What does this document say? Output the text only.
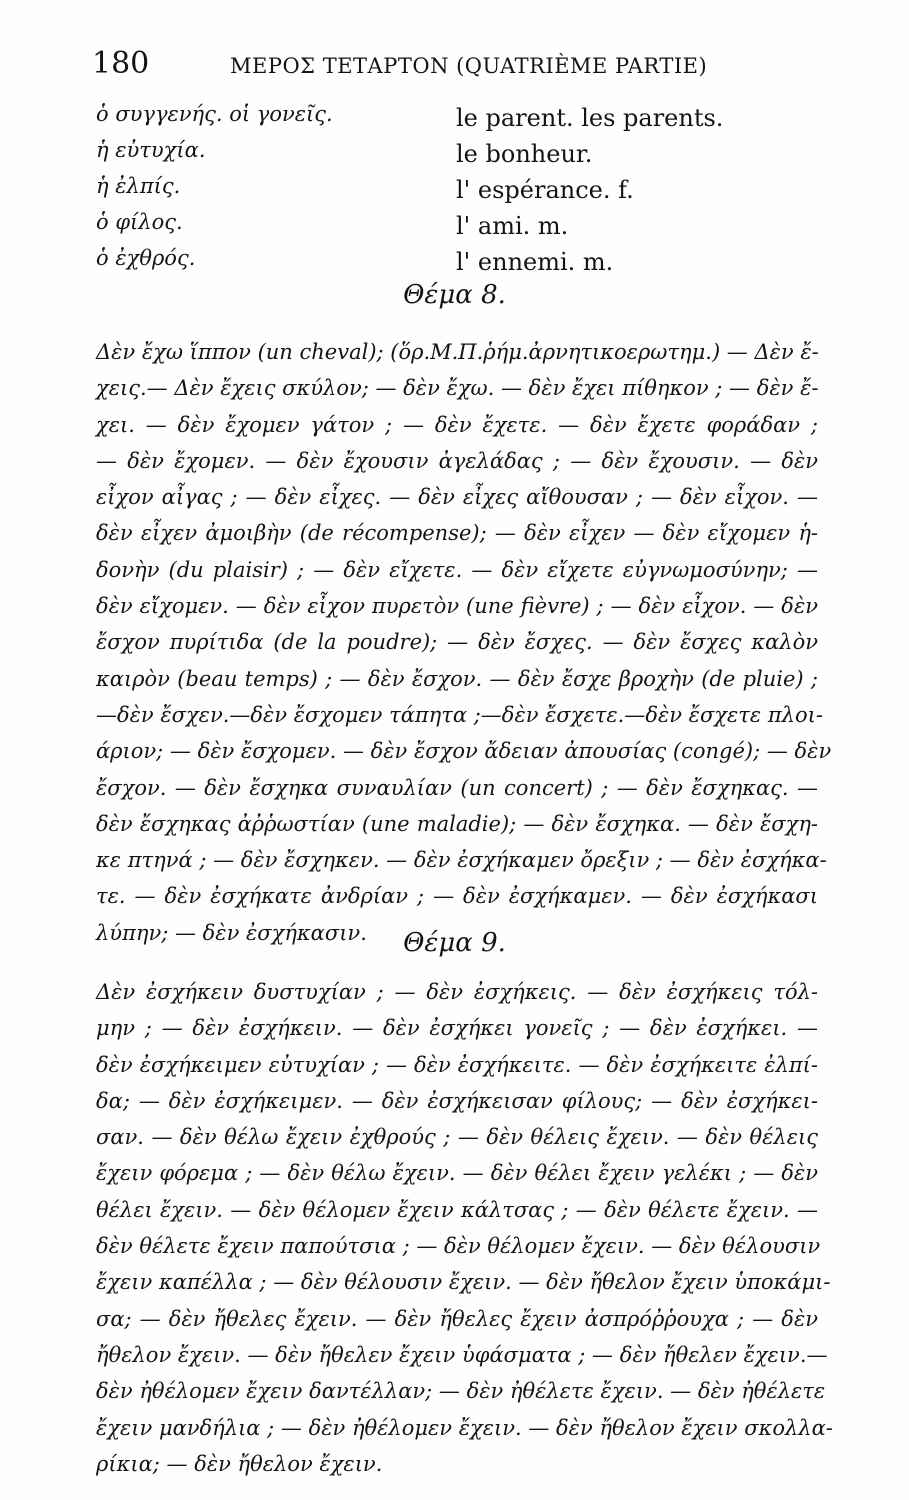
180	ΜΕΡΟΣ ΤΕΤΑΡΤΟΝ (QUATRIÈME PARTIE)
ὁ συγγενής. οἱ γονεῖς.	le parent. les parents.
ἡ εὐτυχία.	le bonheur.
ἡ ἐλπίς.	l' espérance. f.
ὁ φίλος.	l' ami. m.
ὁ ἐχθρός.	l' ennemi. m.
Θέμα 8.
Δὲν ἔχω ἵππον (un cheval); (ὅρ.Μ.Π.ῥήμ.ἀρνητικοερωτημ.) — Δὲν ἔ-
χεις.— Δὲν ἔχεις σκύλον; — δὲν ἔχω. — δὲν ἔχει πίθηκον ; — δὲν ἔ-
χει. — δὲν ἔχομεν γάτον ; — δὲν ἔχετε. — δὲν ἔχετε φοράδαν ;
— δὲν ἔχομεν. — δὲν ἔχουσιν ἀγελάδας ; — δὲν ἔχουσιν. — δὲν
εἶχον αἶγας ; — δὲν εἶχες. — δὲν εἶχες αἴθουσαν ; — δὲν εἶχον. —
δὲν εἶχεν ἀμοιβὴν (de récompense); — δὲν εἶχεν — δὲν εἴχομεν ἡ-
δονὴν (du plaisir) ; — δὲν εἴχετε. — δὲν εἴχετε εὐγνωμοσύνην; —
δὲν εἴχομεν. — δὲν εἶχον πυρετὸν (une fièvre) ; — δὲν εἶχον. — δὲν
ἔσχον πυρίτιδα (de la poudre); — δὲν ἔσχες. — δὲν ἔσχες καλὸν
καιρὸν (beau temps) ; — δὲν ἔσχον. — δὲν ἔσχε βροχὴν (de pluie) ;
—δὲν ἔσχεν.—δὲν ἔσχομεν τάπητα ;—δὲν ἔσχετε.—δὲν ἔσχετε πλοι-
άριον; — δὲν ἔσχομεν. — δὲν ἔσχον ἄδειαν ἀπουσίας (congé); — δὲν
ἔσχον. — δὲν ἔσχηκα συναυλίαν (un concert) ; — δὲν ἔσχηκας. —
δὲν ἔσχηκας ἀῤῥωστίαν (une maladie); — δὲν ἔσχηκα. — δὲν ἔσχη-
κε πτηνά ; — δὲν ἔσχηκεν. — δὲν ἐσχήκαμεν ὄρεξιν ; — δὲν ἐσχήκα-
τε. — δὲν ἐσχήκατε ἀνδρίαν ; — δὲν ἐσχήκαμεν. — δὲν ἐσχήκασι
λύπην; — δὲν ἐσχήκασιν.	Θέμα 9.
Δὲν ἐσχήκειν δυστυχίαν ; — δὲν ἐσχήκεις. — δὲν ἐσχήκεις τόλ-
μην ; — δὲν ἐσχήκειν. — δὲν ἐσχήκει γονεῖς ; — δὲν ἐσχήκει. —
δὲν ἐσχήκειμεν εὐτυχίαν ; — δὲν ἐσχήκειτε. — δὲν ἐσχήκειτε ἐλπί-
δα; — δὲν ἐσχήκειμεν. — δὲν ἐσχήκεισαν φίλους; — δὲν ἐσχήκει-
σαν. — δὲν θέλω ἔχειν ἐχθρούς ; — δὲν θέλεις ἔχειν. — δὲν θέλεις
ἔχειν φόρεμα ; — δὲν θέλω ἔχειν. — δὲν θέλει ἔχειν γελέκι ; — δὲν
θέλει ἔχειν. — δὲν θέλομεν ἔχειν κάλτσας ; — δὲν θέλετε ἔχειν. —
δὲν θέλετε ἔχειν παπούτσια ; — δὲν θέλομεν ἔχειν. — δὲν θέλουσιν
ἔχειν καπέλλα ; — δὲν θέλουσιν ἔχειν. — δὲν ἤθελον ἔχειν ὑποκάμι-
σα; — δὲν ἤθελες ἔχειν. — δὲν ἤθελες ἔχειν ἀσπρόῤῥουχα ; — δὲν
ἤθελον ἔχειν. — δὲν ἤθελεν ἔχειν ὑφάσματα ; — δὲν ἤθελεν ἔχειν.—
δὲν ἠθέλομεν ἔχειν δαντέλλαν; — δὲν ἠθέλετε ἔχειν. — δὲν ἠθέλετε
ἔχειν μανδήλια ; — δὲν ἠθέλομεν ἔχειν. — δὲν ἤθελον ἔχειν σκολλα-
ρίκια; — δὲν ἤθελον ἔχειν.
